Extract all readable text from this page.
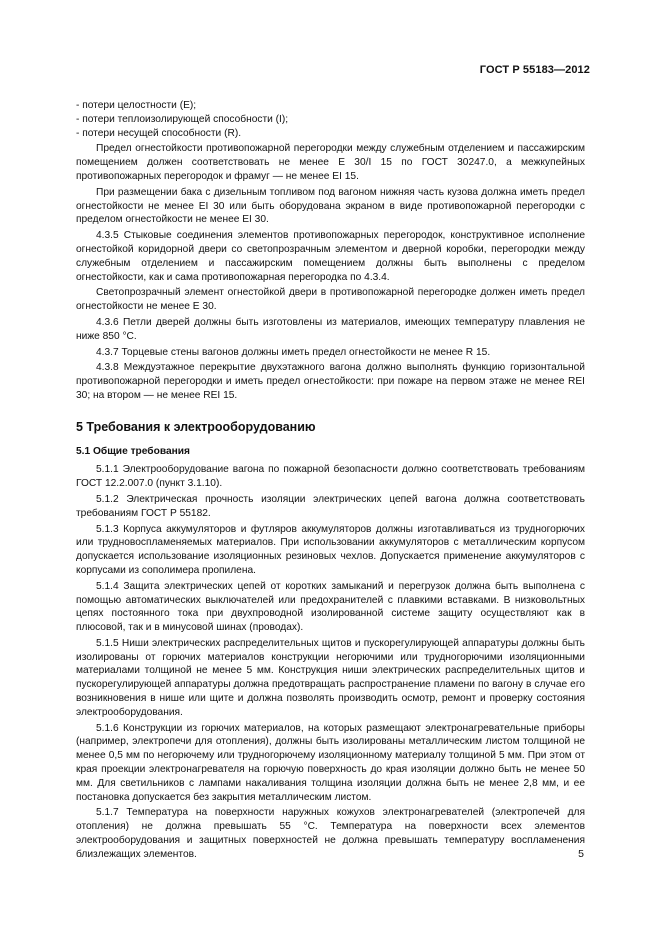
ГОСТ Р 55183—2012

- потери целостности (Е);

- потери теплоизолирующей способности (I);

- потери несущей способности (R).

Предел огнестойкости противопожарной перегородки между служебным отделением и пассажирским помещением должен соответствовать не менее Е 30/I 15 по ГОСТ 30247.0, а межкупейных противопожарных перегородок и фрамуг — не менее EI 15.

При размещении бака с дизельным топливом под вагоном нижняя часть кузова должна иметь предел огнестойкости не менее EI 30 или быть оборудована экраном в виде противопожарной перегородки с пределом огнестойкости не менее EI 30.

4.3.5 Стыковые соединения элементов противопожарных перегородок, конструктивное исполнение огнестойкой коридорной двери со светопрозрачным элементом и дверной коробки, перегородки между служебным отделением и пассажирским помещением должны быть выполнены с пределом огнестойкости, как и сама противопожарная перегородка по 4.3.4.

Светопрозрачный элемент огнестойкой двери в противопожарной перегородке должен иметь предел огнестойкости не менее Е 30.

4.3.6 Петли дверей должны быть изготовлены из материалов, имеющих температуру плавления не ниже 850 °С.

4.3.7 Торцевые стены вагонов должны иметь предел огнестойкости не менее R 15.

4.3.8 Междуэтажное перекрытие двухэтажного вагона должно выполнять функцию горизонтальной противопожарной перегородки и иметь предел огнестойкости: при пожаре на первом этаже не менее REI 30; на втором — не менее REI 15.

5 Требования к электрооборудованию

5.1 Общие требования

5.1.1 Электрооборудование вагона по пожарной безопасности должно соответствовать требованиям ГОСТ 12.2.007.0 (пункт 3.1.10).

5.1.2 Электрическая прочность изоляции электрических цепей вагона должна соответствовать требованиям ГОСТ Р 55182.

5.1.3 Корпуса аккумуляторов и футляров аккумуляторов должны изготавливаться из трудногорючих или трудновоспламеняемых материалов. При использовании аккумуляторов с металлическим корпусом допускается использование изоляционных резиновых чехлов. Допускается применение аккумуляторов с корпусами из сополимера пропилена.

5.1.4 Защита электрических цепей от коротких замыканий и перегрузок должна быть выполнена с помощью автоматических выключателей или предохранителей с плавкими вставками. В низковольтных цепях постоянного тока при двухпроводной изолированной системе защиту осуществляют как в плюсовой, так и в минусовой шинах (проводах).

5.1.5 Ниши электрических распределительных щитов и пускорегулирующей аппаратуры должны быть изолированы от горючих материалов конструкции негорючими или трудногорючими изоляционными материалами толщиной не менее 5 мм. Конструкция ниши электрических распределительных щитов и пускорегулирующей аппаратуры должна предотвращать распространение пламени по вагону в случае его возникновения в нише или щите и должна позволять производить осмотр, ремонт и проверку состояния электрооборудования.

5.1.6 Конструкции из горючих материалов, на которых размещают электронагревательные приборы (например, электропечи для отопления), должны быть изолированы металлическим листом толщиной не менее 0,5 мм по негорючему или трудногорючему изоляционному материалу толщиной 5 мм. При этом от края проекции электронагревателя на горючую поверхность до края изоляции должно быть не менее 50 мм. Для светильников с лампами накаливания толщина изоляции должна быть не менее 2,8 мм, и ее постановка допускается без закрытия металлическим листом.

5.1.7 Температура на поверхности наружных кожухов электронагревателей (электропечей для отопления) не должна превышать 55 °С. Температура на поверхности всех элементов электрооборудования и защитных поверхностей не должна превышать температуру воспламенения близлежащих элементов.	5
